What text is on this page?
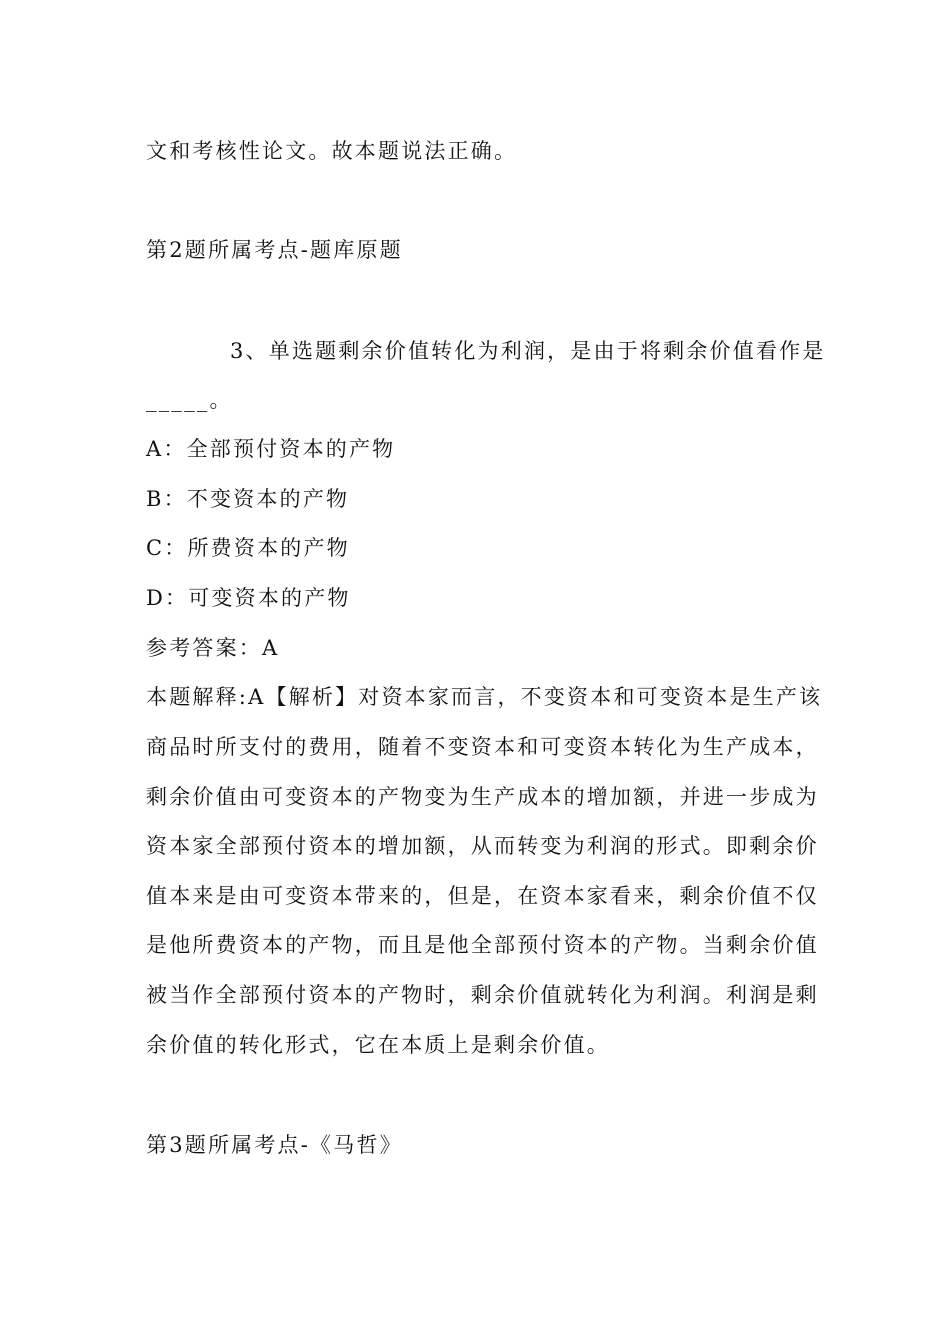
文和考核性论文。故本题说法正确。

第2题所属考点-题库原题

3、单选题剩余价值转化为利润，是由于将剩余价值看作是

_____。

A：全部预付资本的产物

B：不变资本的产物

C：所费资本的产物

D：可变资本的产物

参考答案：A

本题解释:A【解析】对资本家而言，不变资本和可变资本是生产该

商品时所支付的费用，随着不变资本和可变资本转化为生产成本，

剩余价值由可变资本的产物变为生产成本的增加额，并进一步成为

资本家全部预付资本的增加额，从而转变为利润的形式。即剩余价

值本来是由可变资本带来的，但是，在资本家看来，剩余价值不仅

是他所费资本的产物，而且是他全部预付资本的产物。当剩余价值

被当作全部预付资本的产物时，剩余价值就转化为利润。利润是剩

余价值的转化形式，它在本质上是剩余价值。

第3题所属考点-《马哲》
